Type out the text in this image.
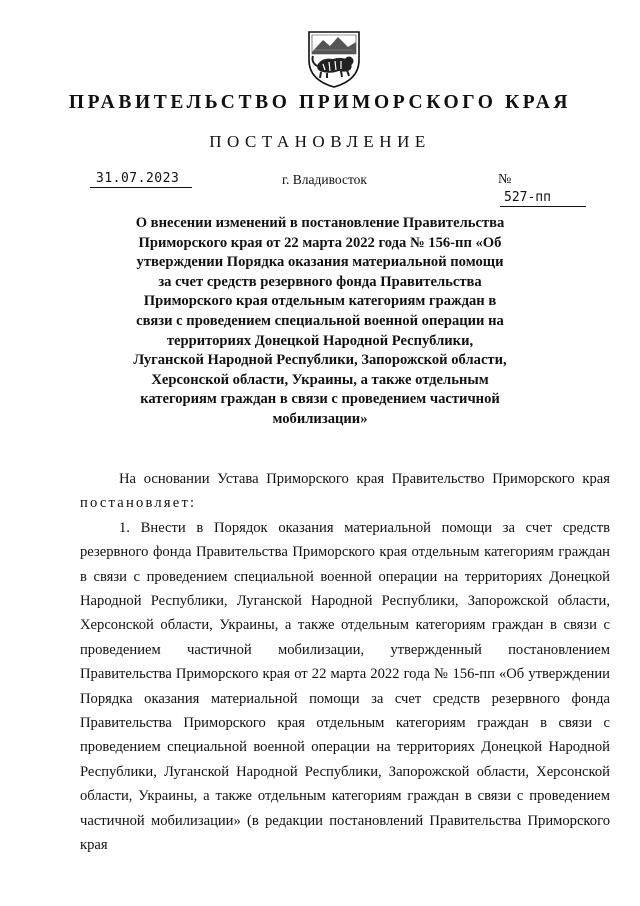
ПРАВИТЕЛЬСТВО ПРИМОРСКОГО КРАЯ
ПОСТАНОВЛЕНИЕ
31.07.2023	г. Владивосток	№ 527-пп
О внесении изменений в постановление Правительства Приморского края от 22 марта 2022 года № 156-пп «Об утверждении Порядка оказания материальной помощи за счет средств резервного фонда Правительства Приморского края отдельным категориям граждан в связи с проведением специальной военной операции на территориях Донецкой Народной Республики, Луганской Народной Республики, Запорожской области, Херсонской области, Украины, а также отдельным категориям граждан в связи с проведением частичной мобилизации»

На основании Устава Приморского края Правительство Приморского края постановляет:

1. Внести в Порядок оказания материальной помощи за счет средств резервного фонда Правительства Приморского края отдельным категориям граждан в связи с проведением специальной военной операции на территориях Донецкой Народной Республики, Луганской Народной Республики, Запорожской области, Херсонской области, Украины, а также отдельным категориям граждан в связи с проведением частичной мобилизации, утвержденный постановлением Правительства Приморского края от 22 марта 2022 года № 156-пп «Об утверждении Порядка оказания материальной помощи за счет средств резервного фонда Правительства Приморского края отдельным категориям граждан в связи с проведением специальной военной операции на территориях Донецкой Народной Республики, Луганской Народной Республики, Запорожской области, Херсонской области, Украины, а также отдельным категориям граждан в связи с проведением частичной мобилизации» (в редакции постановлений Правительства Приморского края
